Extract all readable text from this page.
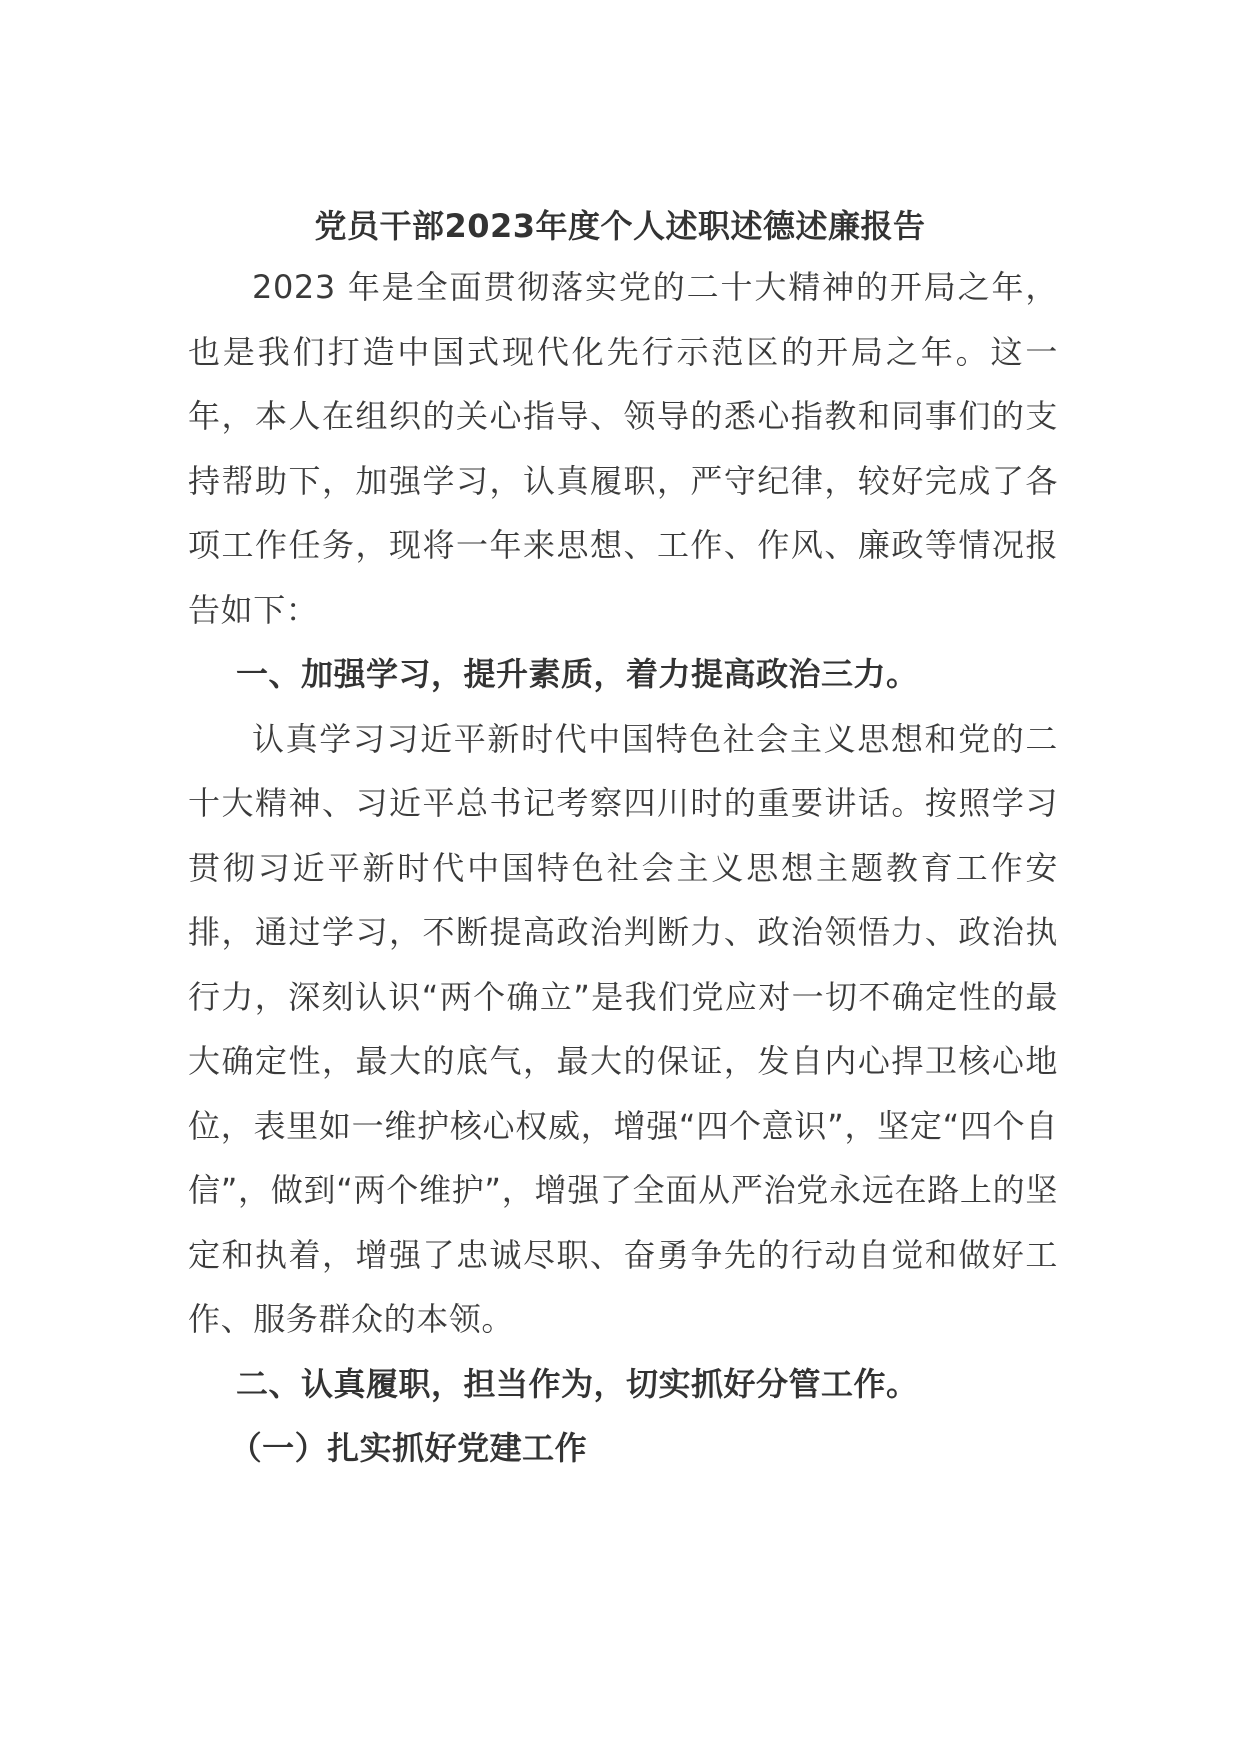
党员干部2023年度个人述职述德述廉报告

2023 年是全面贯彻落实党的二十大精神的开局之年，也是我们打造中国式现代化先行示范区的开局之年。这一年，本人在组织的关心指导、领导的悉心指教和同事们的支持帮助下，加强学习，认真履职，严守纪律，较好完成了各项工作任务，现将一年来思想、工作、作风、廉政等情况报告如下：

一、加强学习，提升素质，着力提高政治三力。

认真学习习近平新时代中国特色社会主义思想和党的二十大精神、习近平总书记考察四川时的重要讲话。按照学习贯彻习近平新时代中国特色社会主义思想主题教育工作安排，通过学习，不断提高政治判断力、政治领悟力、政治执行力，深刻认识“两个确立”是我们党应对一切不确定性的最大确定性，最大的底气，最大的保证，发自内心捍卫核心地位，表里如一维护核心权威，增强“四个意识”，坚定“四个自信”，做到“两个维护”，增强了全面从严治党永远在路上的坚定和执着，增强了忠诚尽职、奋勇争先的行动自觉和做好工作、服务群众的本领。

二、认真履职，担当作为，切实抓好分管工作。

（一）扎实抓好党建工作
